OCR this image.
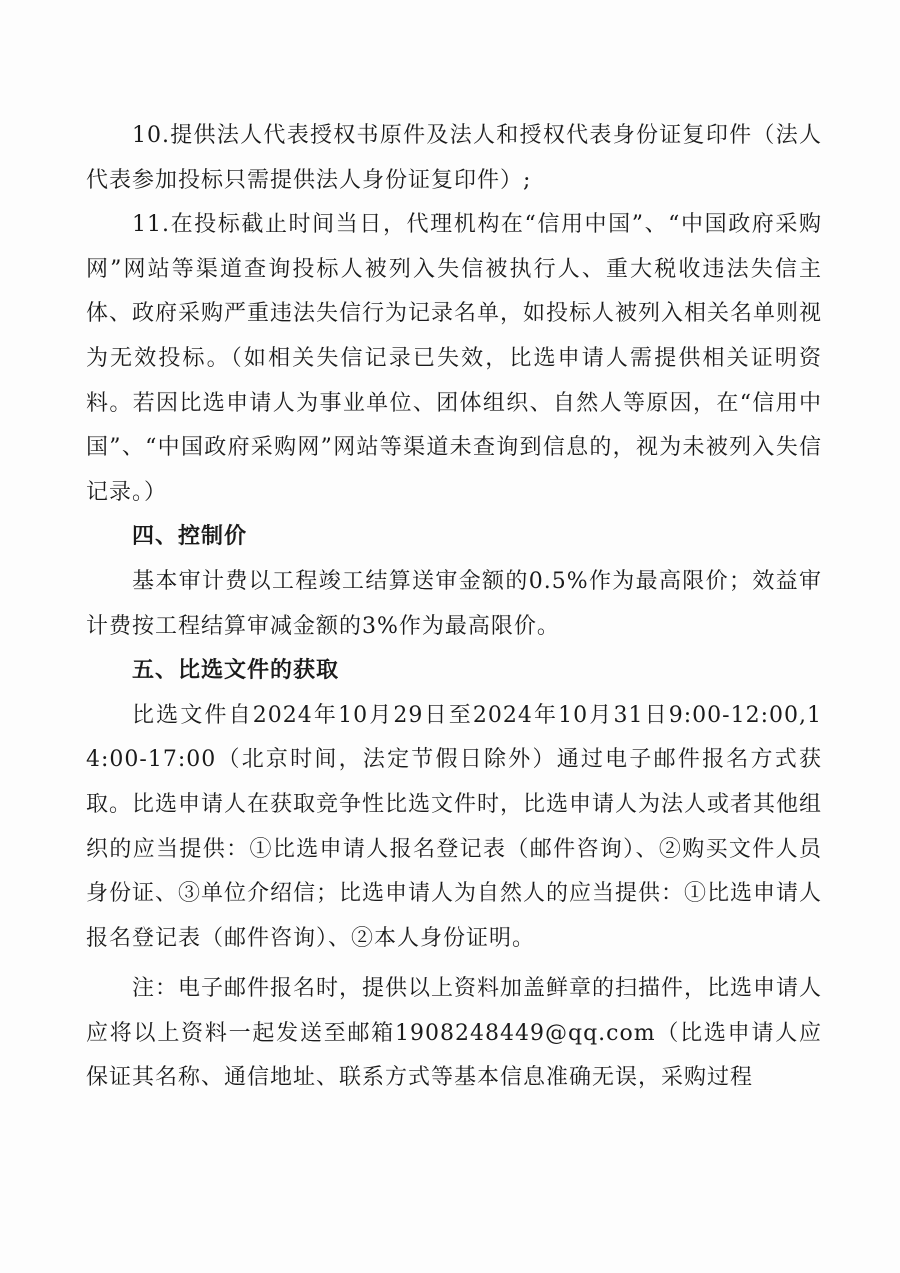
10.提供法人代表授权书原件及法人和授权代表身份证复印件（法人代表参加投标只需提供法人身份证复印件）;

11.在投标截止时间当日，代理机构在“信用中国”、“中国政府采购网”网站等渠道查询投标人被列入失信被执行人、重大税收违法失信主体、政府采购严重违法失信行为记录名单，如投标人被列入相关名单则视为无效投标。（如相关失信记录已失效，比选申请人需提供相关证明资料。若因比选申请人为事业单位、团体组织、自然人等原因，在“信用中国”、“中国政府采购网”网站等渠道未查询到信息的，视为未被列入失信记录。）

四、控制价

基本审计费以工程竣工结算送审金额的0.5%作为最高限价；效益审计费按工程结算审减金额的3%作为最高限价。

五、比选文件的获取

比选文件自2024年10月29日至2024年10月31日9:00-12:00,14:00-17:00（北京时间，法定节假日除外）通过电子邮件报名方式获取。比选申请人在获取竞争性比选文件时，比选申请人为法人或者其他组织的应当提供：①比选申请人报名登记表（邮件咨询）、②购买文件人员身份证、③单位介绍信；比选申请人为自然人的应当提供：①比选申请人报名登记表（邮件咨询）、②本人身份证明。

注：电子邮件报名时，提供以上资料加盖鲜章的扫描件，比选申请人应将以上资料一起发送至邮箱1908248449@qq.com（比选申请人应保证其名称、通信地址、联系方式等基本信息准确无误，采购过程
